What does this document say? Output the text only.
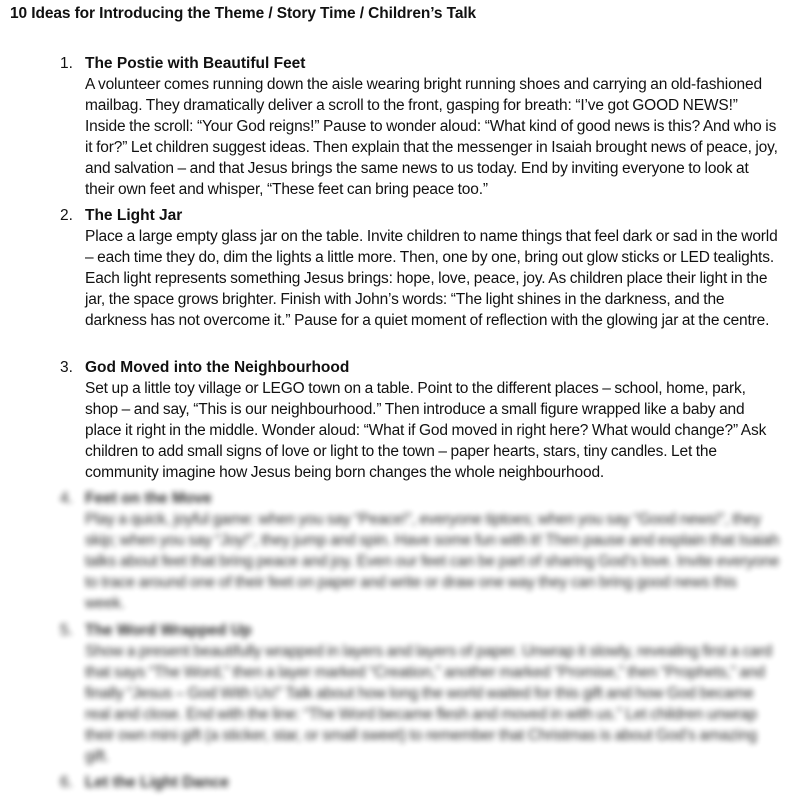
10 Ideas for Introducing the Theme / Story Time / Children’s Talk
1. The Postie with Beautiful Feet
A volunteer comes running down the aisle wearing bright running shoes and carrying an old-fashioned mailbag. They dramatically deliver a scroll to the front, gasping for breath: “I’ve got GOOD NEWS!” Inside the scroll: “Your God reigns!” Pause to wonder aloud: “What kind of good news is this? And who is it for?” Let children suggest ideas. Then explain that the messenger in Isaiah brought news of peace, joy, and salvation – and that Jesus brings the same news to us today. End by inviting everyone to look at their own feet and whisper, “These feet can bring peace too.”
2. The Light Jar
Place a large empty glass jar on the table. Invite children to name things that feel dark or sad in the world – each time they do, dim the lights a little more. Then, one by one, bring out glow sticks or LED tealights. Each light represents something Jesus brings: hope, love, peace, joy. As children place their light in the jar, the space grows brighter. Finish with John’s words: “The light shines in the darkness, and the darkness has not overcome it.” Pause for a quiet moment of reflection with the glowing jar at the centre.
3. God Moved into the Neighbourhood
Set up a little toy village or LEGO town on a table. Point to the different places – school, home, park, shop – and say, “This is our neighbourhood.” Then introduce a small figure wrapped like a baby and place it right in the middle. Wonder aloud: “What if God moved in right here? What would change?” Ask children to add small signs of love or light to the town – paper hearts, stars, tiny candles. Let the community imagine how Jesus being born changes the whole neighbourhood.
4. Feet on the Move
Play a quick, joyful game: when you say “Peace!”, everyone tiptoes; when you say “Good news!”, they skip; when you say “Joy!”, they jump and spin. Have some fun with it! Then pause and explain that Isaiah talks about feet that bring peace and joy. Even our feet can be part of sharing God’s love. Invite everyone to trace around one of their feet on paper and write or draw one way they can bring good news this week.
5. The Word Wrapped Up
Show a present beautifully wrapped in layers and layers of paper. Unwrap it slowly, revealing first a card that says “The Word,” then a layer marked “Creation,” another marked “Promise,” then “Prophets,” and finally “Jesus – God With Us!” Talk about how long the world waited for this gift and how God became real and close. End with the line: “The Word became flesh and moved in with us.” Let children unwrap their own mini gift (a sticker, star, or small sweet) to remember that Christmas is about God’s amazing gift.
6. Let the Light Dance
